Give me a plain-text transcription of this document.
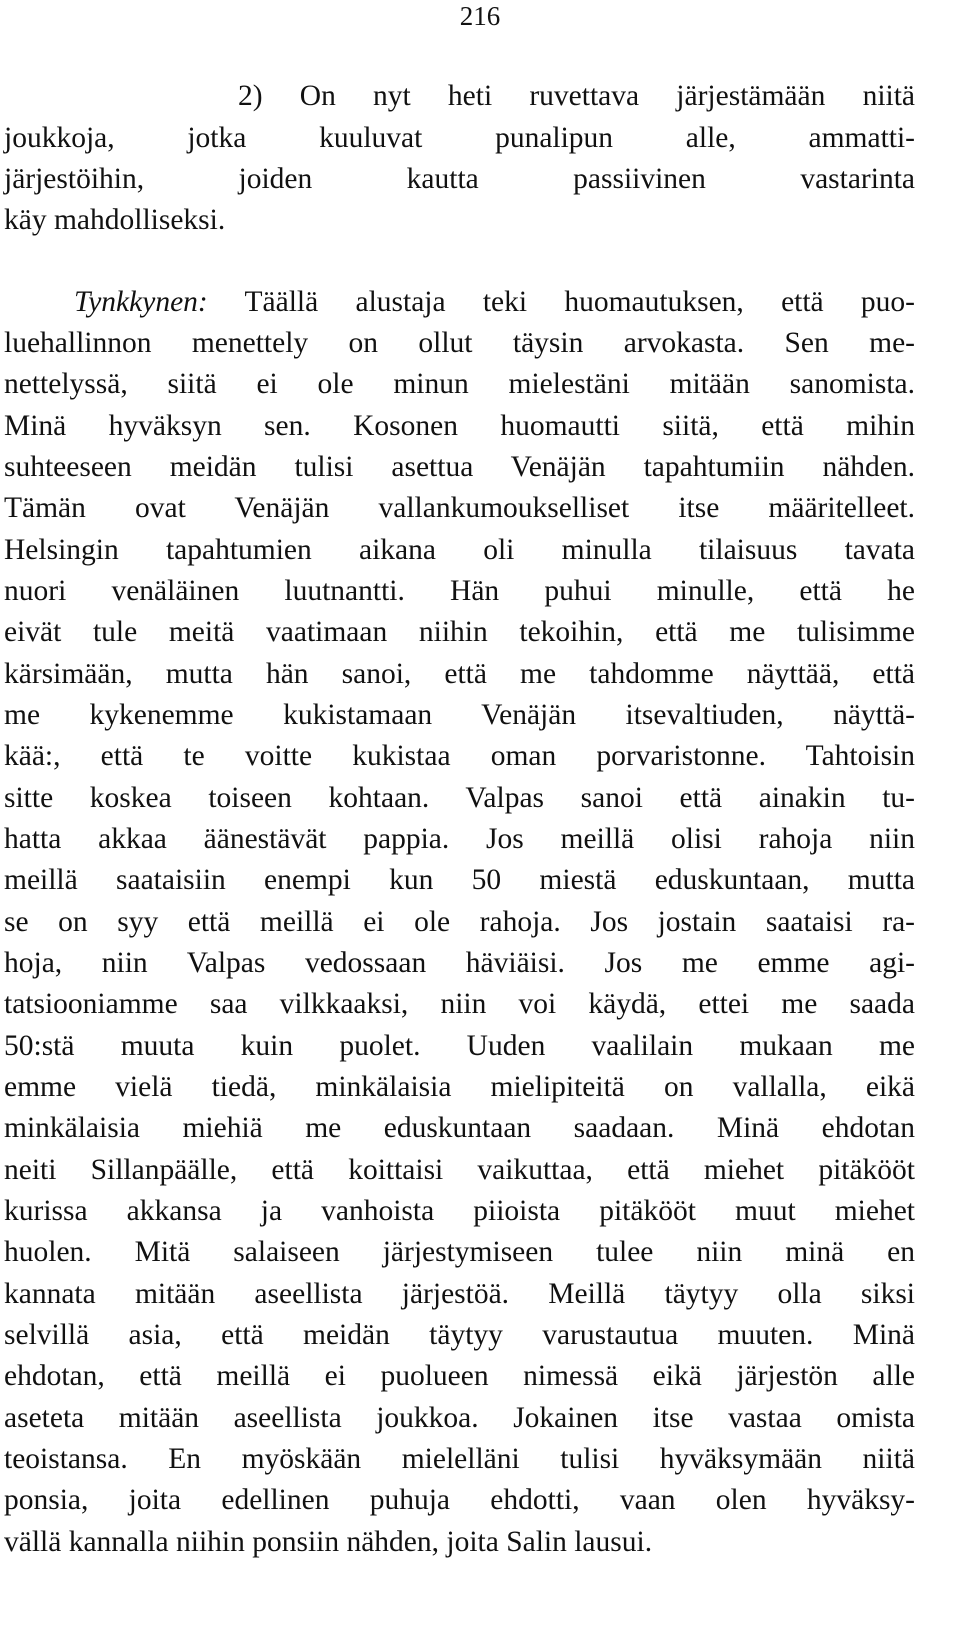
216
2) On nyt heti ruvettava järjestämään niitä
joukkoja, jotka kuuluvat punalipun alle, ammatti-
järjestöihin, joiden kautta passiivinen vastarinta
käy mahdolliseksi.
Tynkkynen: Täällä alustaja teki huomautuksen, että puo-
luehallinnon menettely on ollut täysin arvokasta. Sen me-
nettelyssä, siitä ei ole minun mielestäni mitään sanomista.
Minä hyväksyn sen. Kosonen huomautti siitä, että mihin
suhteeseen meidän tulisi asettua Venäjän tapahtumiin nähden.
Tämän ovat Venäjän vallankumoukselliset itse määritelleet.
Helsingin tapahtumien aikana oli minulla tilaisuus tavata
nuori venäläinen luutnantti. Hän puhui minulle, että he
eivät tule meitä vaatimaan niihin tekoihin, että me tulisimme
kärsimään, mutta hän sanoi, että me tahdomme näyttää, että
me kykenemme kukistamaan Venäjän itsevaltiuden, näyttä-
kää:, että te voitte kukistaa oman porvaristonne. Tahtoisin
sitte koskea toiseen kohtaan. Valpas sanoi että ainakin tu-
hatta akkaa äänestävät pappia. Jos meillä olisi rahoja niin
meillä saataisiin enempi kun 50 miestä eduskuntaan, mutta
se on syy että meillä ei ole rahoja. Jos jostain saataisi ra-
hoja, niin Valpas vedossaan häviäisi. Jos me emme agi-
tatsiooniamme saa vilkkaaksi, niin voi käydä, ettei me saada
50:stä muuta kuin puolet. Uuden vaalilain mukaan me
emme vielä tiedä, minkälaisia mielipiteitä on vallalla, eikä
minkälaisia miehiä me eduskuntaan saadaan. Minä ehdotan
neiti Sillanpäälle, että koittaisi vaikuttaa, että miehet pitäkööt
kurissa akkansa ja vanhoista piioista pitäkööt muut miehet
huolen. Mitä salaiseen järjestymiseen tulee niin minä en
kannata mitään aseellista järjestöä. Meillä täytyy olla siksi
selvillä asia, että meidän täytyy varustautua muuten. Minä
ehdotan, että meillä ei puolueen nimessä eikä järjestön alle
aseteta mitään aseellista joukkoa. Jokainen itse vastaa omista
teoistansa. En myöskään mielelläni tulisi hyväksymään niitä
ponsia, joita edellinen puhuja ehdotti, vaan olen hyväksy-
vällä kannalla niihin ponsiin nähden, joita Salin lausui.
